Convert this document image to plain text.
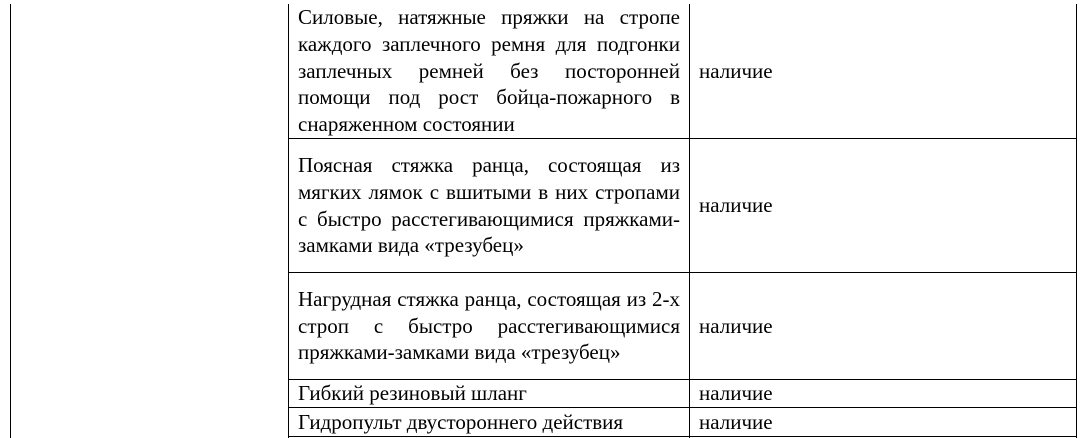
	Силовые, натяжные пряжки на стропе каждого заплечного ремня для подгонки заплечных ремней без посторонней помощи под рост бойца-пожарного в снаряженном состоянии	наличие

	Поясная стяжка ранца, состоящая из мягких лямок с вшитыми в них стропами с быстро расстегивающимися пряжками-замками вида «трезубец»	наличие

	Нагрудная стяжка ранца, состоящая из 2-х строп с быстро расстегивающимися пряжками-замками вида «трезубец»	наличие

	Гибкий резиновый шланг	наличие

	Гидропульт двустороннего действия	наличие
